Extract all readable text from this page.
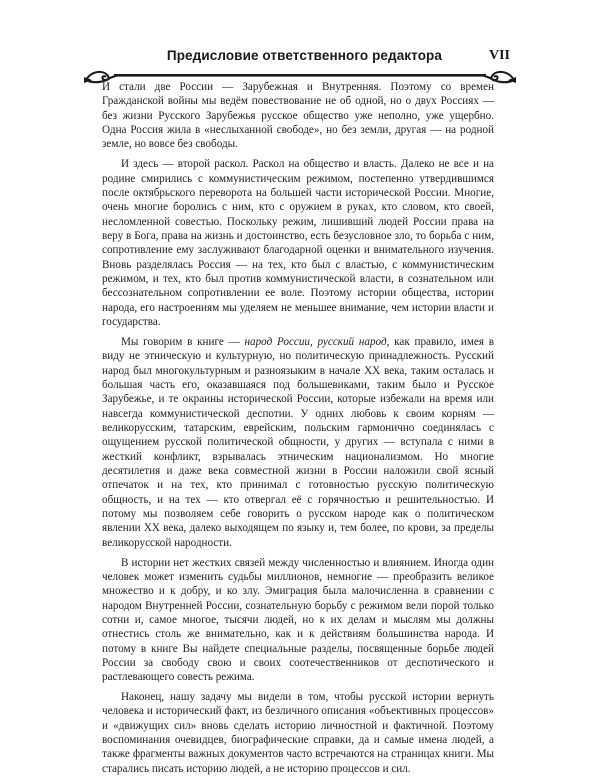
Предисловие ответственного редактора	VII

И стали две России — Зарубежная и Внутренняя. Поэтому со времен Гражданской войны мы ведём повествование не об одной, но о двух Россиях — без жизни Русского Зарубежья русское общество уже неполно, уже ущербно. Одна Россия жила в «неслыханной свободе», но без земли, другая — на родной земле, но вовсе без свободы.

И здесь — второй раскол. Раскол на общество и власть. Далеко не все и на родине смирились с коммунистическим режимом, постепенно утвердившимся после октябрьского переворота на большей части исторической России. Многие, очень многие боролись с ним, кто с оружием в руках, кто словом, кто своей, несломленной совестью. Поскольку режим, лишивший людей России права на веру в Бога, права на жизнь и достоинство, есть безусловное зло, то борьба с ним, сопротивление ему заслуживают благодарной оценки и внимательного изучения. Вновь разделялась Россия — на тех, кто был с властью, с коммунистическим режимом, и тех, кто был против коммунистической власти, в сознательном или бессознательном сопротивлении ее воле. Поэтому истории общества, истории народа, его настроениям мы уделяем не меньшее внимание, чем истории власти и государства.

Мы говорим в книге — народ России, русский народ, как правило, имея в виду не этническую и культурную, но политическую принадлежность. Русский народ был многокультурным и разноязыким в начале XX века, таким осталась и большая часть его, оказавшаяся под большевиками, таким было и Русское Зарубежье, и те окраины исторической России, которые избежали на время или навсегда коммунистической деспотии. У одних любовь к своим корням — великорусским, татарским, еврейским, польским гармонично соединялась с ощущением русской политической общности, у других — вступала с ними в жесткий конфликт, взрывалась этническим национализмом. Но многие десятилетия и даже века совместной жизни в России наложили свой ясный отпечаток и на тех, кто принимал с готовностью русскую политическую общность, и на тех — кто отвергал её с горячностью и решительностью. И потому мы позволяем себе говорить о русском народе как о политическом явлении XX века, далеко выходящем по языку и, тем более, по крови, за пределы великорусской народности.

В истории нет жестких связей между численностью и влиянием. Иногда один человек может изменить судьбы миллионов, немногие — преобразить великое множество и к добру, и ко злу. Эмиграция была малочисленна в сравнении с народом Внутренней России, сознательную борьбу с режимом вели порой только сотни и, самое многое, тысячи людей, но к их делам и мыслям мы должны отнестись столь же внимательно, как и к действиям большинства народа. И потому в книге Вы найдете специальные разделы, посвященные борьбе людей России за свободу свою и своих соотечественников от деспотического и растлевающего совесть режима.

Наконец, нашу задачу мы видели в том, чтобы русской истории вернуть человека и исторический факт, из безличного описания «объективных процессов» и «движущих сил» вновь сделать историю личностной и фактичной. Поэтому воспоминания очевидцев, биографические справки, да и самые имена людей, а также фрагменты важных документов часто встречаются на страницах книги. Мы старались писать историю людей, а не историю процессов и сил.
